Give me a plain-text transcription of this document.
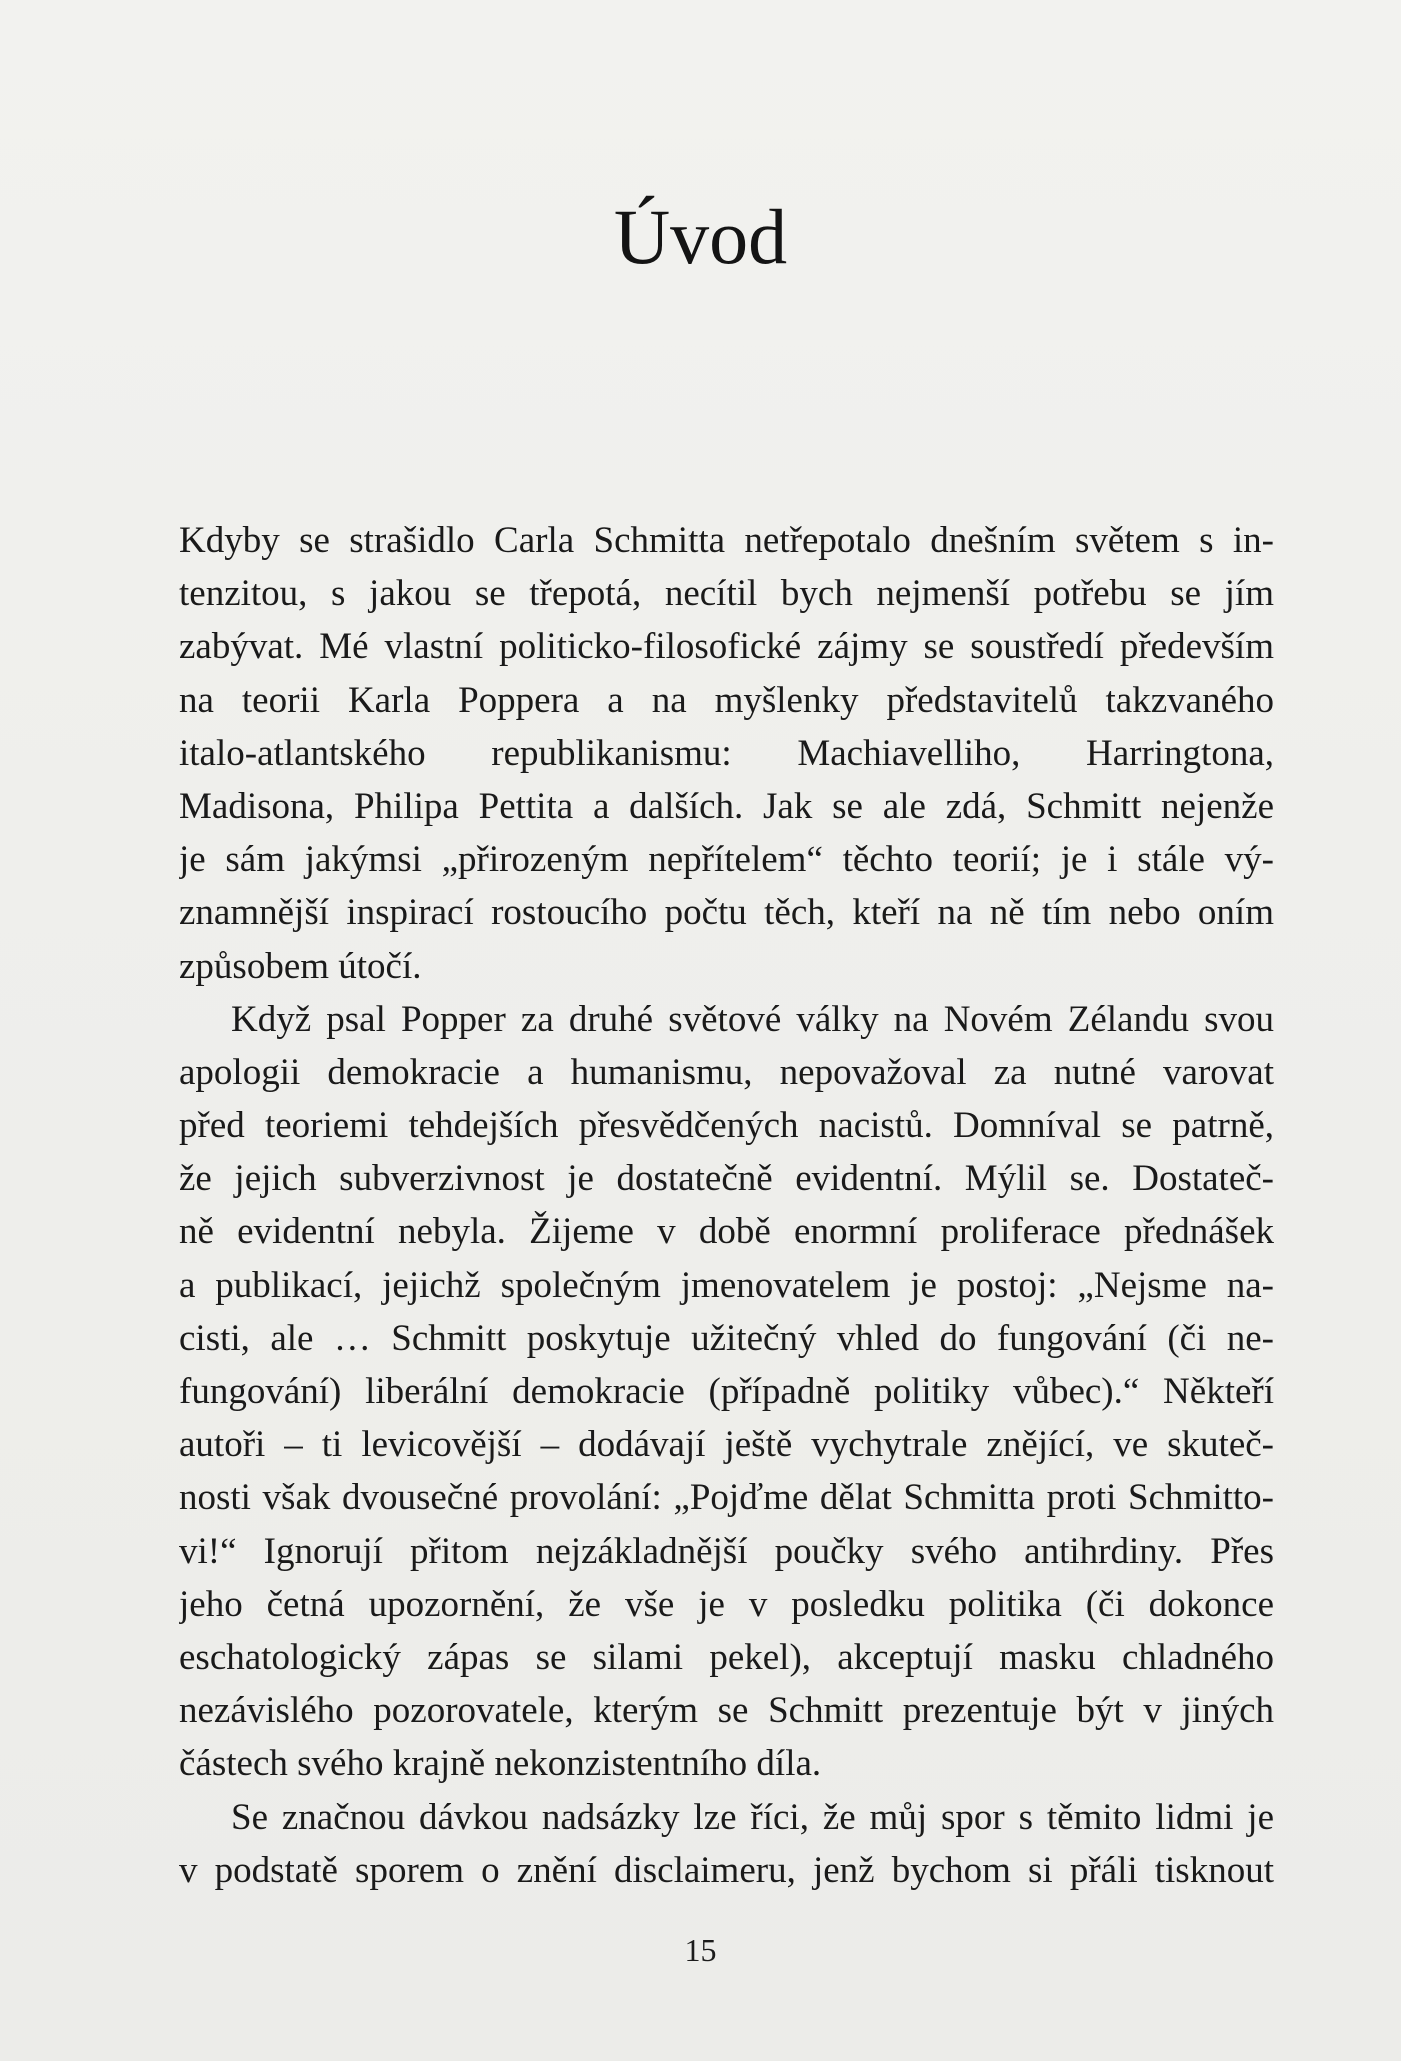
Úvod
Kdyby se strašidlo Carla Schmitta netřepotalo dnešním světem s in-
tenzitou, s jakou se třepotá, necítil bych nejmenší potřebu se jím
zabývat. Mé vlastní politicko-filosofické zájmy se soustředí především
na teorii Karla Poppera a na myšlenky představitelů takzvaného
italo-atlantského republikanismu: Machiavelliho, Harringtona,
Madisona, Philipa Pettita a dalších. Jak se ale zdá, Schmitt nejenže
je sám jakýmsi „přirozeným nepřítelem“ těchto teorií; je i stále vý-
znamnější inspirací rostoucího počtu těch, kteří na ně tím nebo oním
způsobem útočí.
Když psal Popper za druhé světové války na Novém Zélandu svou
apologii demokracie a humanismu, nepovažoval za nutné varovat
před teoriemi tehdejších přesvědčených nacistů. Domníval se patrně,
že jejich subverzivnost je dostatečně evidentní. Mýlil se. Dostateč-
ně evidentní nebyla. Žijeme v době enormní proliferace přednášek
a publikací, jejichž společným jmenovatelem je postoj: „Nejsme na-
cisti, ale … Schmitt poskytuje užitečný vhled do fungování (či ne-
fungování) liberální demokracie (případně politiky vůbec).“ Někteří
autoři – ti levicovější – dodávají ještě vychytrale znějící, ve skuteč-
nosti však dvousečné provolání: „Pojďme dělat Schmitta proti Schmitto-
vi!“ Ignorují přitom nejzákladnější poučky svého antihrdiny. Přes
jeho četná upozornění, že vše je v posledku politika (či dokonce
eschatologický zápas se silami pekel), akceptují masku chladného
nezávislého pozorovatele, kterým se Schmitt prezentuje být v jiných
částech svého krajně nekonzistentního díla.
Se značnou dávkou nadsázky lze říci, že můj spor s těmito lidmi je
v podstatě sporem o znění disclaimeru, jenž bychom si přáli tisknout
15
